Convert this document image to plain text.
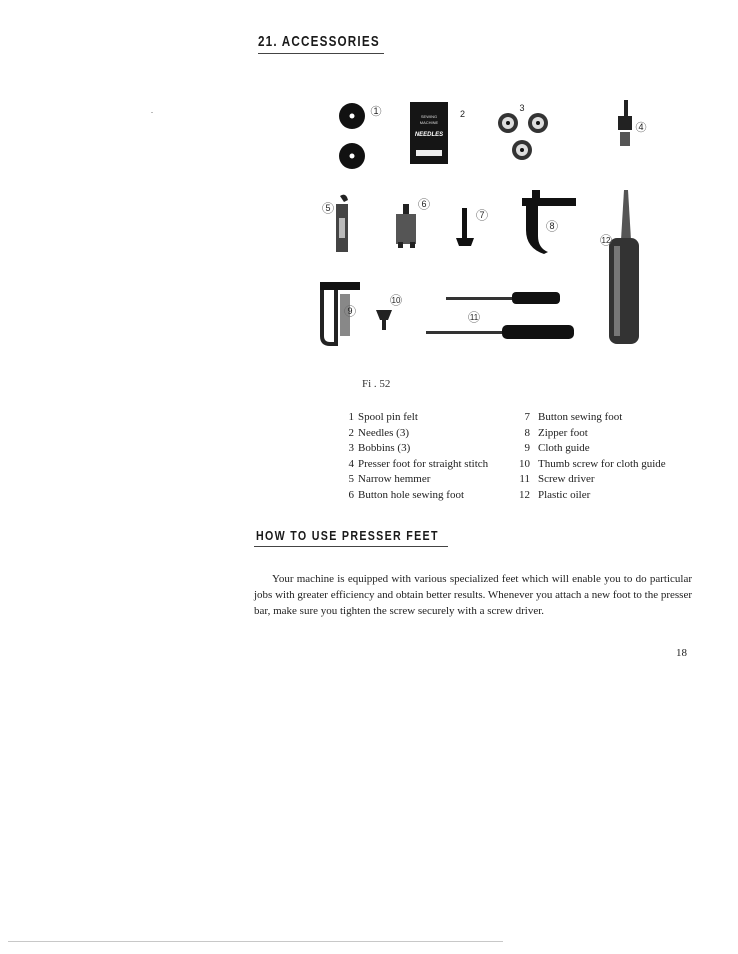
21. ACCESSORIES
SEWING
MACHINE
NEEDLES
1	2
3
4
5	6
7
8
9
10
11
12
Fi . 52
1 Spool pin felt
2 Needles (3)
3 Bobbins (3)
4 Presser foot for straight stitch
5 Narrow hemmer
6 Button hole sewing foot
7 Button sewing foot
8 Zipper foot
9 Cloth guide
10 Thumb screw for cloth guide
11 Screw driver
12 Plastic oiler
HOW TO USE PRESSER FEET

Your machine is equipped with various specialized feet which will enable you to do particular jobs with greater efficiency and obtain better results. Whenever you attach a new foot to the presser bar, make sure you tighten the screw securely with a screw driver.

18
